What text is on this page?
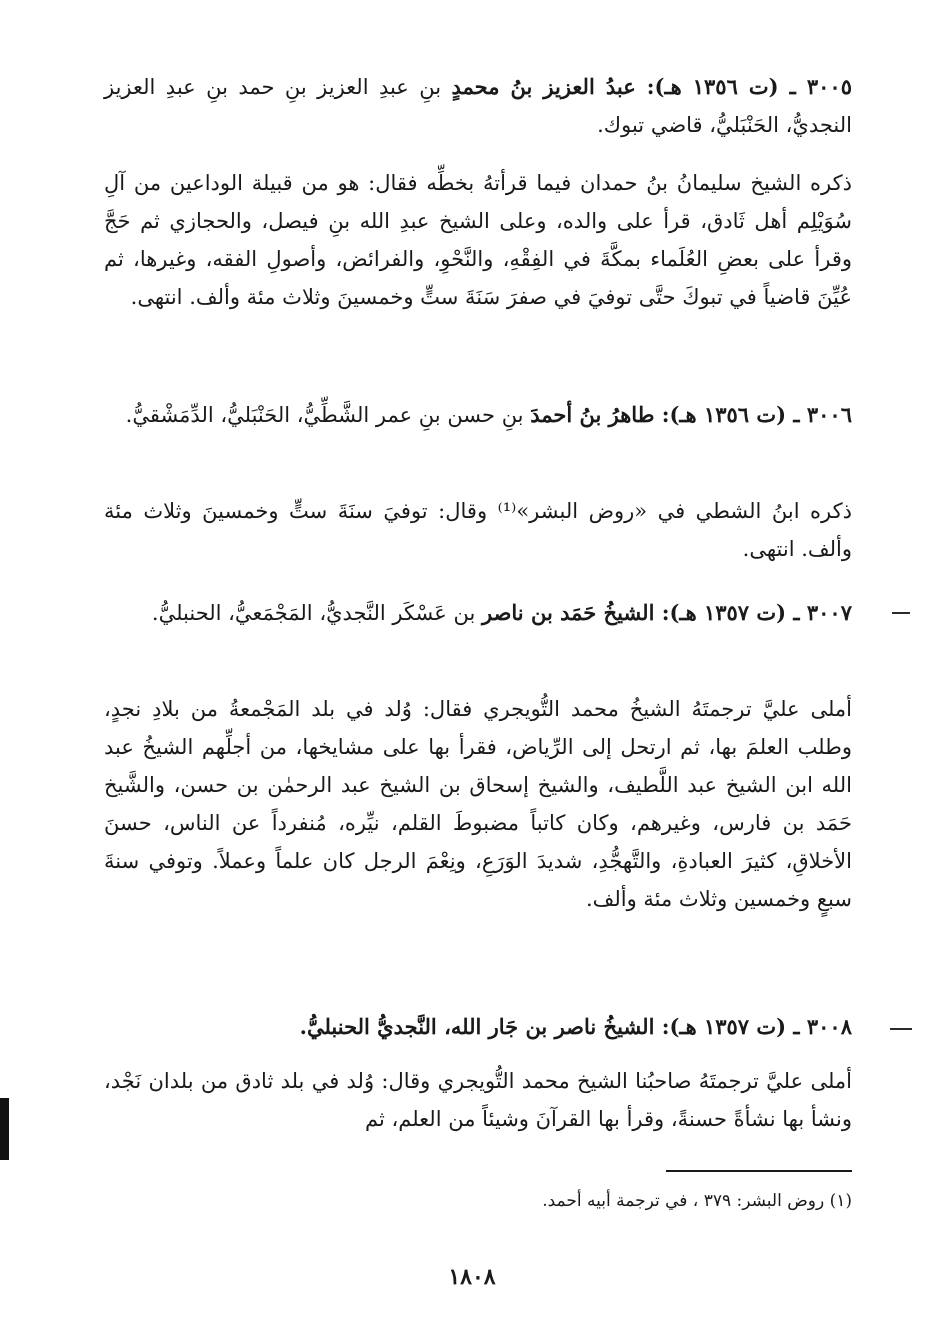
٣٠٠٥ ـ (ت ١٣٥٦ هـ): عبدُ العزيز بنُ محمدٍ بنِ عبدِ العزيز بنِ حمد بنِ عبدِ العزيز النجديُّ، الحَنْبَليُّ، قاضي تبوك.
ذكره الشيخ سليمانُ بنُ حمدان فيما قرأتهُ بخطِّه فقال: هو من قبيلة الوداعين من آلِ سُوَيْلِم أهل ثَادق، قرأ على والده، وعلى الشيخ عبدِ الله بنِ فيصل، والحجازي ثم حَجَّ وقرأ على بعضِ العُلَماء بمكَّةَ في الفِقْهِ، والنَّحْوِ، والفرائض، وأصولِ الفقه، وغيرها، ثم عُيِّنَ قاضياً في تبوكَ حتَّى توفيَ في صفرَ سَنَةَ ستٍّ وخمسينَ وثلاث مئة وألف. انتهى.
٣٠٠٦ ـ (ت ١٣٥٦ هـ): طاهرُ بنُ أحمدَ بنِ حسن بنِ عمر الشَّطِّيُّ، الحَنْبَليُّ، الدِّمَشْقيُّ.
ذكره ابنُ الشطي في «روض البشر»⁽¹⁾ وقال: توفيَ سنَةَ ستٍّ وخمسينَ وثلاث مئة وألف. انتهى.
٣٠٠٧ ـ (ت ١٣٥٧ هـ): الشيخُ حَمَد بن ناصر بن عَسْكَر النَّجديُّ، المَجْمَعيُّ، الحنبليُّ.
أملى عليَّ ترجمتَهُ الشيخُ محمد التُّويجري فقال: وُلد في بلد المَجْمعةُ من بلادِ نجدٍ، وطلب العلمَ بها، ثم ارتحل إلى الرِّياض، فقرأ بها على مشايخها، من أجلِّهم الشيخُ عبد الله ابن الشيخ عبد اللَّطيف، والشيخ إسحاق بن الشيخ عبد الرحمٰن بن حسن، والشَّيخ حَمَد بن فارس، وغيرهم، وكان كاتباً مضبوطَ القلم، نيِّره، مُنفرداً عن الناس، حسنَ الأخلاقِ، كثيرَ العبادةِ، والتَّهجُّدِ، شديدَ الوَرَعِ، ونِعْمَ الرجل كان علماً وعملاً. وتوفي سنةَ سبعٍ وخمسين وثلاث مئة وألف.
٣٠٠٨ ـ (ت ١٣٥٧ هـ): الشيخُ ناصر بن جَار الله، النَّجديُّ الحنبليُّ.
أملى عليَّ ترجمتَهُ صاحبُنا الشيخ محمد التُّويجري وقال: وُلد في بلد ثادق من بلدان نَجْد، ونشأ بها نشأةً حسنةً، وقرأ بها القرآنَ وشيئاً من العلم، ثم
(١) روض البشر: ٣٧٩ ، في ترجمة أبيه أحمد.
١٨٠٨
